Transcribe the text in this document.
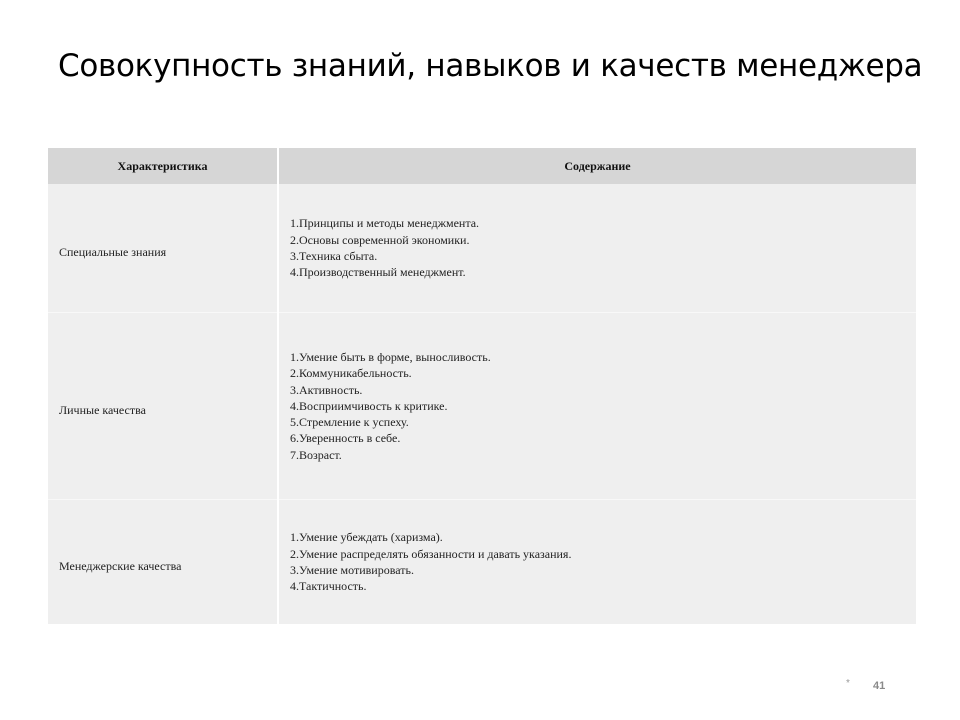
Совокупность знаний, навыков и качеств менеджера
Характеристика	Содержание
Специальные знания
1.Принципы и методы менеджмента.
2.Основы современной экономики.
3.Техника сбыта.
4.Производственный менеджмент.
Личные качества
1.Умение быть в форме, выносливость.
2.Коммуникабельность.
3.Активность.
4.Восприимчивость к критике.
5.Стремление к успеху.
6.Уверенность в себе.
7.Возраст.
Менеджерские качества
1.Умение убеждать (харизма).
2.Умение распределять обязанности и давать указания.
3.Умение мотивировать.
4.Тактичность.
* 41
